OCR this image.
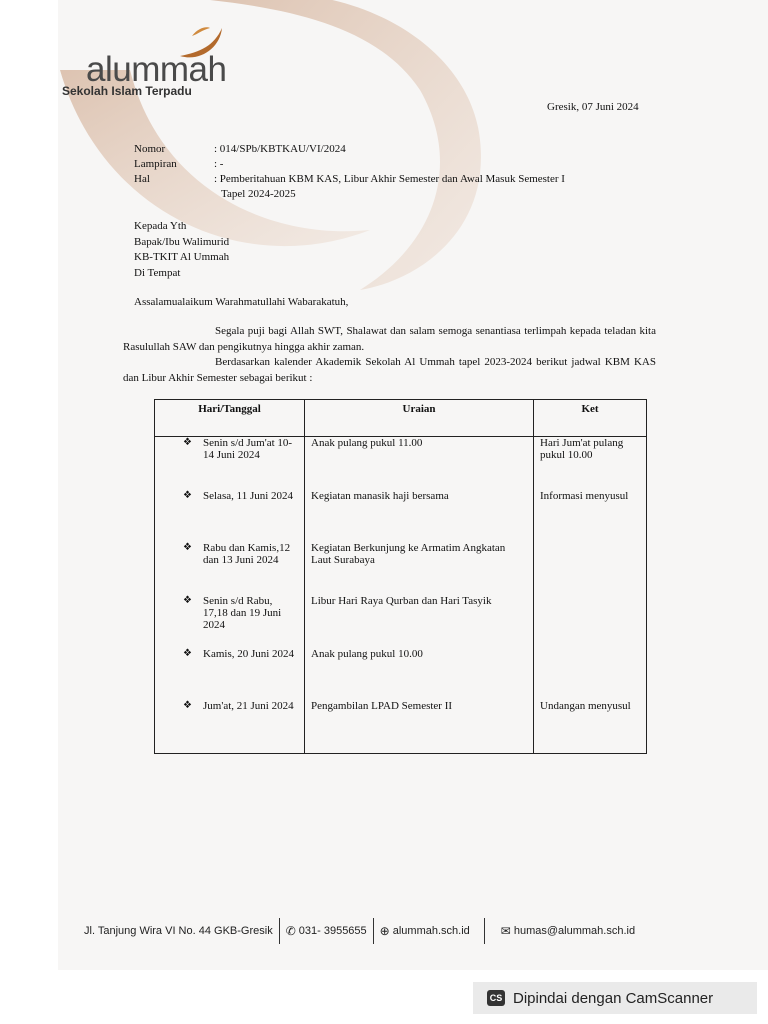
alummah
Sekolah Islam Terpadu
Gresik, 07 Juni 2024
Nomor	: 014/SPb/KBTKAU/VI/2024
Lampiran	: -
Hal	: Pemberitahuan KBM KAS, Libur Akhir Semester dan Awal Masuk Semester I
Tapel 2024-2025
Kepada Yth
Bapak/Ibu Walimurid
KB-TKIT Al Ummah
Di Tempat
Assalamualaikum Warahmatullahi Wabarakatuh,
Segala puji bagi Allah SWT, Shalawat dan salam semoga senantiasa terlimpah kepada teladan kita Rasulullah SAW dan pengikutnya hingga akhir zaman.
Berdasarkan kalender Akademik Sekolah Al Ummah tapel 2023-2024 berikut jadwal KBM KAS dan Libur Akhir Semester sebagai berikut :
Hari/Tanggal	Uraian	Ket

❖ Senin s/d Jum'at 10-14 Juni 2024	Anak pulang pukul 11.00	Hari Jum'at pulang pukul 10.00

❖ Selasa, 11 Juni 2024	Kegiatan manasik haji bersama	Informasi menyusul

❖ Rabu dan Kamis,12 dan 13 Juni 2024	Kegiatan Berkunjung ke Armatim Angkatan Laut Surabaya	

❖ Senin s/d Rabu, 17,18 dan 19 Juni 2024	Libur Hari Raya Qurban dan Hari Tasyik	

❖ Kamis, 20 Juni 2024	Anak pulang pukul 10.00	

❖ Jum'at, 21 Juni 2024	Pengambilan LPAD Semester II	Undangan menyusul
Jl. Tanjung Wira VI No. 44 GKB-Gresik ✆ 031- 3955655 ⊕ alummah.sch.id	✉ humas@alummah.sch.id
CS Dipindai dengan CamScanner
